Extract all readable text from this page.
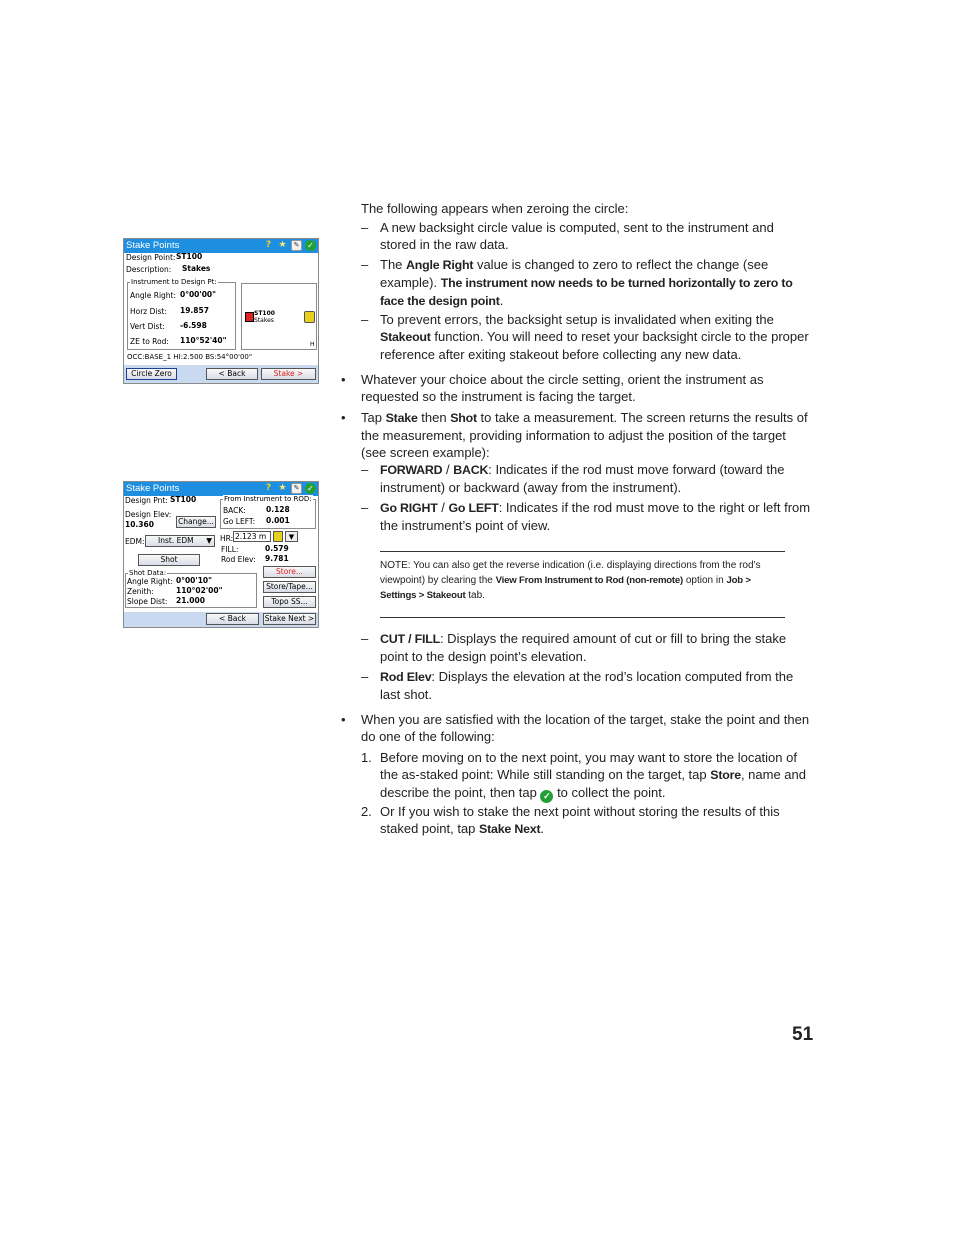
Stake Points	? ★	✎ ✓
Design Point: ST100
Description: Stakes
Instrument to Design Pt:
Angle Right: 0°00'00"
Horz Dist: 19.857
Vert Dist: -6.598
ZE to Rod: 110°52'40"
ST100
Stakes
H
OCC:BASE_1 HI:2.500 BS:54°00'00"
Circle Zero	< Back	Stake >
Stake Points	? ★	✎ ✓
Design Pnt: ST100
Design Elev:
10.360	Change...
EDM:	Inst. EDM ▼
Shot
From Instrument to ROD:
BACK:	0.128
Go LEFT: 0.001
HR: 2.123 m	▼
FILL:	0.579
Rod Elev: 9.781
Shot Data:
Angle Right: 0°00'10"
Zenith:	110°02'00"
Slope Dist: 21.000
Store...
Store/Tape...
Topo SS...
< Back	Stake Next >
The following appears when zeroing the circle:
– A new backsight circle value is computed, sent to the instrument and stored in the raw data.
– The Angle Right value is changed to zero to reflect the change (see example). The instrument now needs to be turned horizontally to zero to face the design point.
– To prevent errors, the backsight setup is invalidated when exiting the Stakeout function. You will need to reset your backsight circle to the proper reference after exiting stakeout before collecting any new data.
• Whatever your choice about the circle setting, orient the instrument as requested so the instrument is facing the target.
• Tap Stake then Shot to take a measurement. The screen returns the results of the measurement, providing information to adjust the position of the target (see screen example):
– FORWARD / BACK: Indicates if the rod must move forward (toward the instrument) or backward (away from the instrument).
– Go RIGHT / Go LEFT: Indicates if the rod must move to the right or left from the instrument’s point of view.
NOTE: You can also get the reverse indication (i.e. displaying directions from the rod’s viewpoint) by clearing the View From Instrument to Rod (non-remote) option in Job > Settings > Stakeout tab.
– CUT / FILL: Displays the required amount of cut or fill to bring the stake point to the design point’s elevation.
– Rod Elev: Displays the elevation at the rod’s location computed from the last shot.
• When you are satisfied with the location of the target, stake the point and then do one of the following:
1. Before moving on to the next point, you may want to store the location of the as-staked point: While still standing on the target, tap Store, name and describe the point, then tap ✓ to collect the point.
2. Or If you wish to stake the next point without storing the results of this staked point, tap Stake Next.
51
